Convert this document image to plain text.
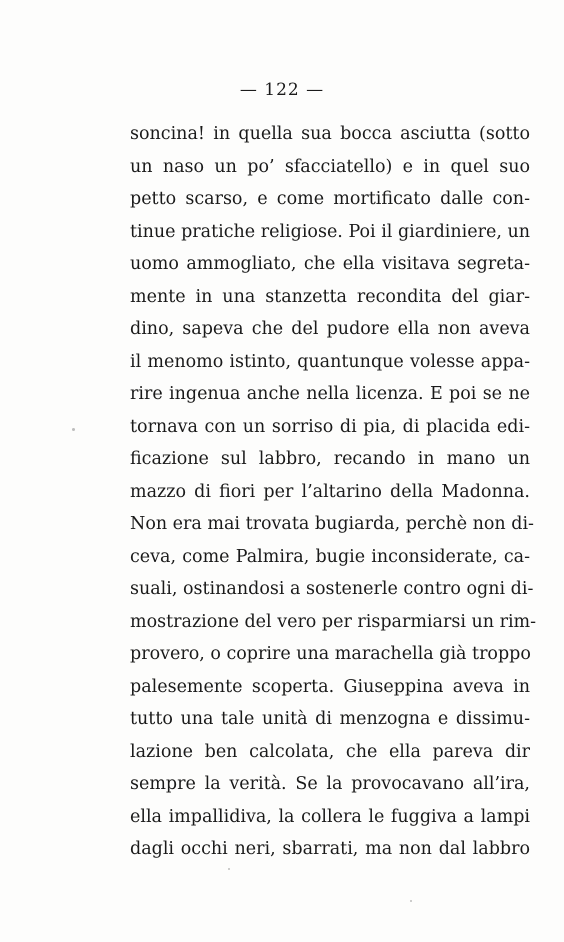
— 122 —
soncina! in quella sua bocca asciutta (sotto
un naso un po’ sfacciatello) e in quel suo
petto scarso, e come mortificato dalle con-
tinue pratiche religiose. Poi il giardiniere, un
uomo ammogliato, che ella visitava segreta-
mente in una stanzetta recondita del giar-
dino, sapeva che del pudore ella non aveva
il menomo istinto, quantunque volesse appa-
rire ingenua anche nella licenza. E poi se ne
tornava con un sorriso di pia, di placida edi-
ficazione sul labbro, recando in mano un
mazzo di fiori per l’altarino della Madonna.
Non era mai trovata bugiarda, perchè non di-
ceva, come Palmira, bugie inconsiderate, ca-
suali, ostinandosi a sostenerle contro ogni di-
mostrazione del vero per risparmiarsi un rim-
provero, o coprire una marachella già troppo
palesemente scoperta. Giuseppina aveva in
tutto una tale unità di menzogna e dissimu-
lazione ben calcolata, che ella pareva dir
sempre la verità. Se la provocavano all’ira,
ella impallidiva, la collera le fuggiva a lampi
dagli occhi neri, sbarrati, ma non dal labbro
